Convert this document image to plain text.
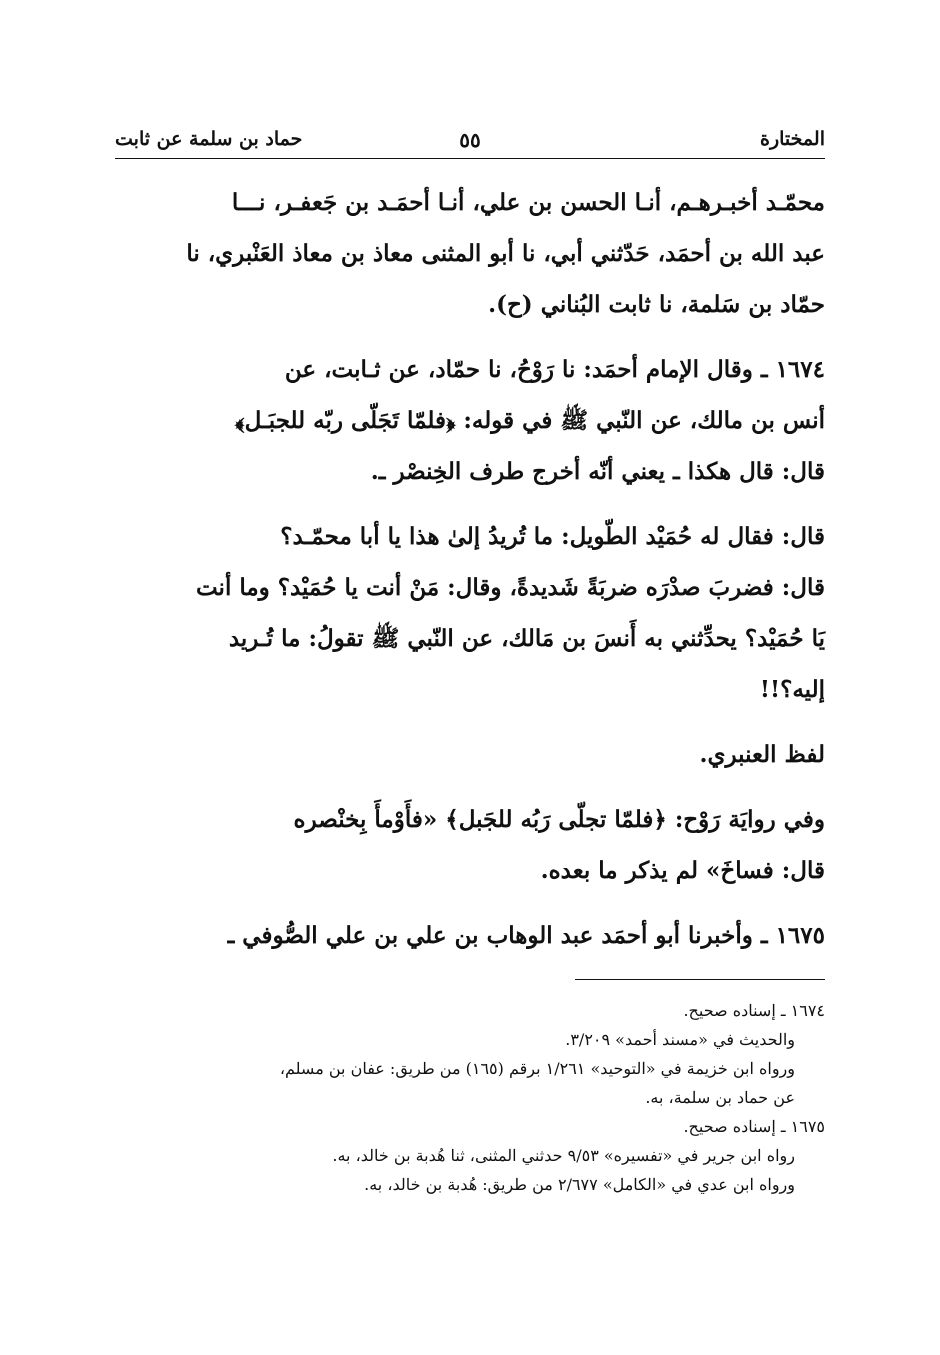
المختارة
٥٥
حماد بن سلمة عن ثابت

محمّـد أخبـرهـم، أنـا الحسن بن علي، أنـا أحمَـد بن جَعفـر، نـــا
عبد الله بن أحمَد، حَدّثني أبي، نا أبو المثنى معاذ بن معاذ العَنْبري، نا
حمّاد بن سَلمة، نا ثابت البُناني (ح).

١٦٧٤ ـ وقال الإمام أحمَد: نا رَوْحُ، نا حمّاد، عن ثـابت، عن
أنس بن مالك، عن النّبي ﷺ في قوله: ﴿فلمّا تَجَلّى ربّه للجبَـل﴾
قال: قال هكذا ـ يعني أنّه أخرج طرف الخِنصْر ـ.

قال: فقال له حُمَيْد الطّويل: ما تُريدُ إلىٰ هذا يا أبا محمّـد؟
قال: فضربَ صدْرَه ضربَةً شَديدةً، وقال: مَنْ أنت يا حُمَيْد؟ وما أنت
يَا حُمَيْد؟ يحدِّثني به أَنسَ بن مَالك، عن النّبي ﷺ تقولُ: ما تُـريد
إليه؟!!

لفظ العنبري.

وفي روايَة رَوْح: ﴿فلمّا تجلّى رَبُه للجَبل﴾ «فأَوْمأَ بِخنْصره
قال: فساخَ» لم يذكر ما بعده.

١٦٧٥ ـ وأخبرنا أبو أحمَد عبد الوهاب بن علي بن علي الصُّوفي ـ

١٦٧٤ ـ إسناده صحيح.
والحديث في «مسند أحمد» ٣/٢٠٩.
ورواه ابن خزيمة في «التوحيد» ١/٢٦١ برقم (١٦٥) من طريق: عفان بن مسلم،
عن حماد بن سلمة، به.
١٦٧٥ ـ إسناده صحيح.
رواه ابن جرير في «تفسيره» ٩/٥٣ حدثني المثنى، ثنا هُدبة بن خالد، به.
ورواه ابن عدي في «الكامل» ٢/٦٧٧ من طريق: هُدبة بن خالد، به.
